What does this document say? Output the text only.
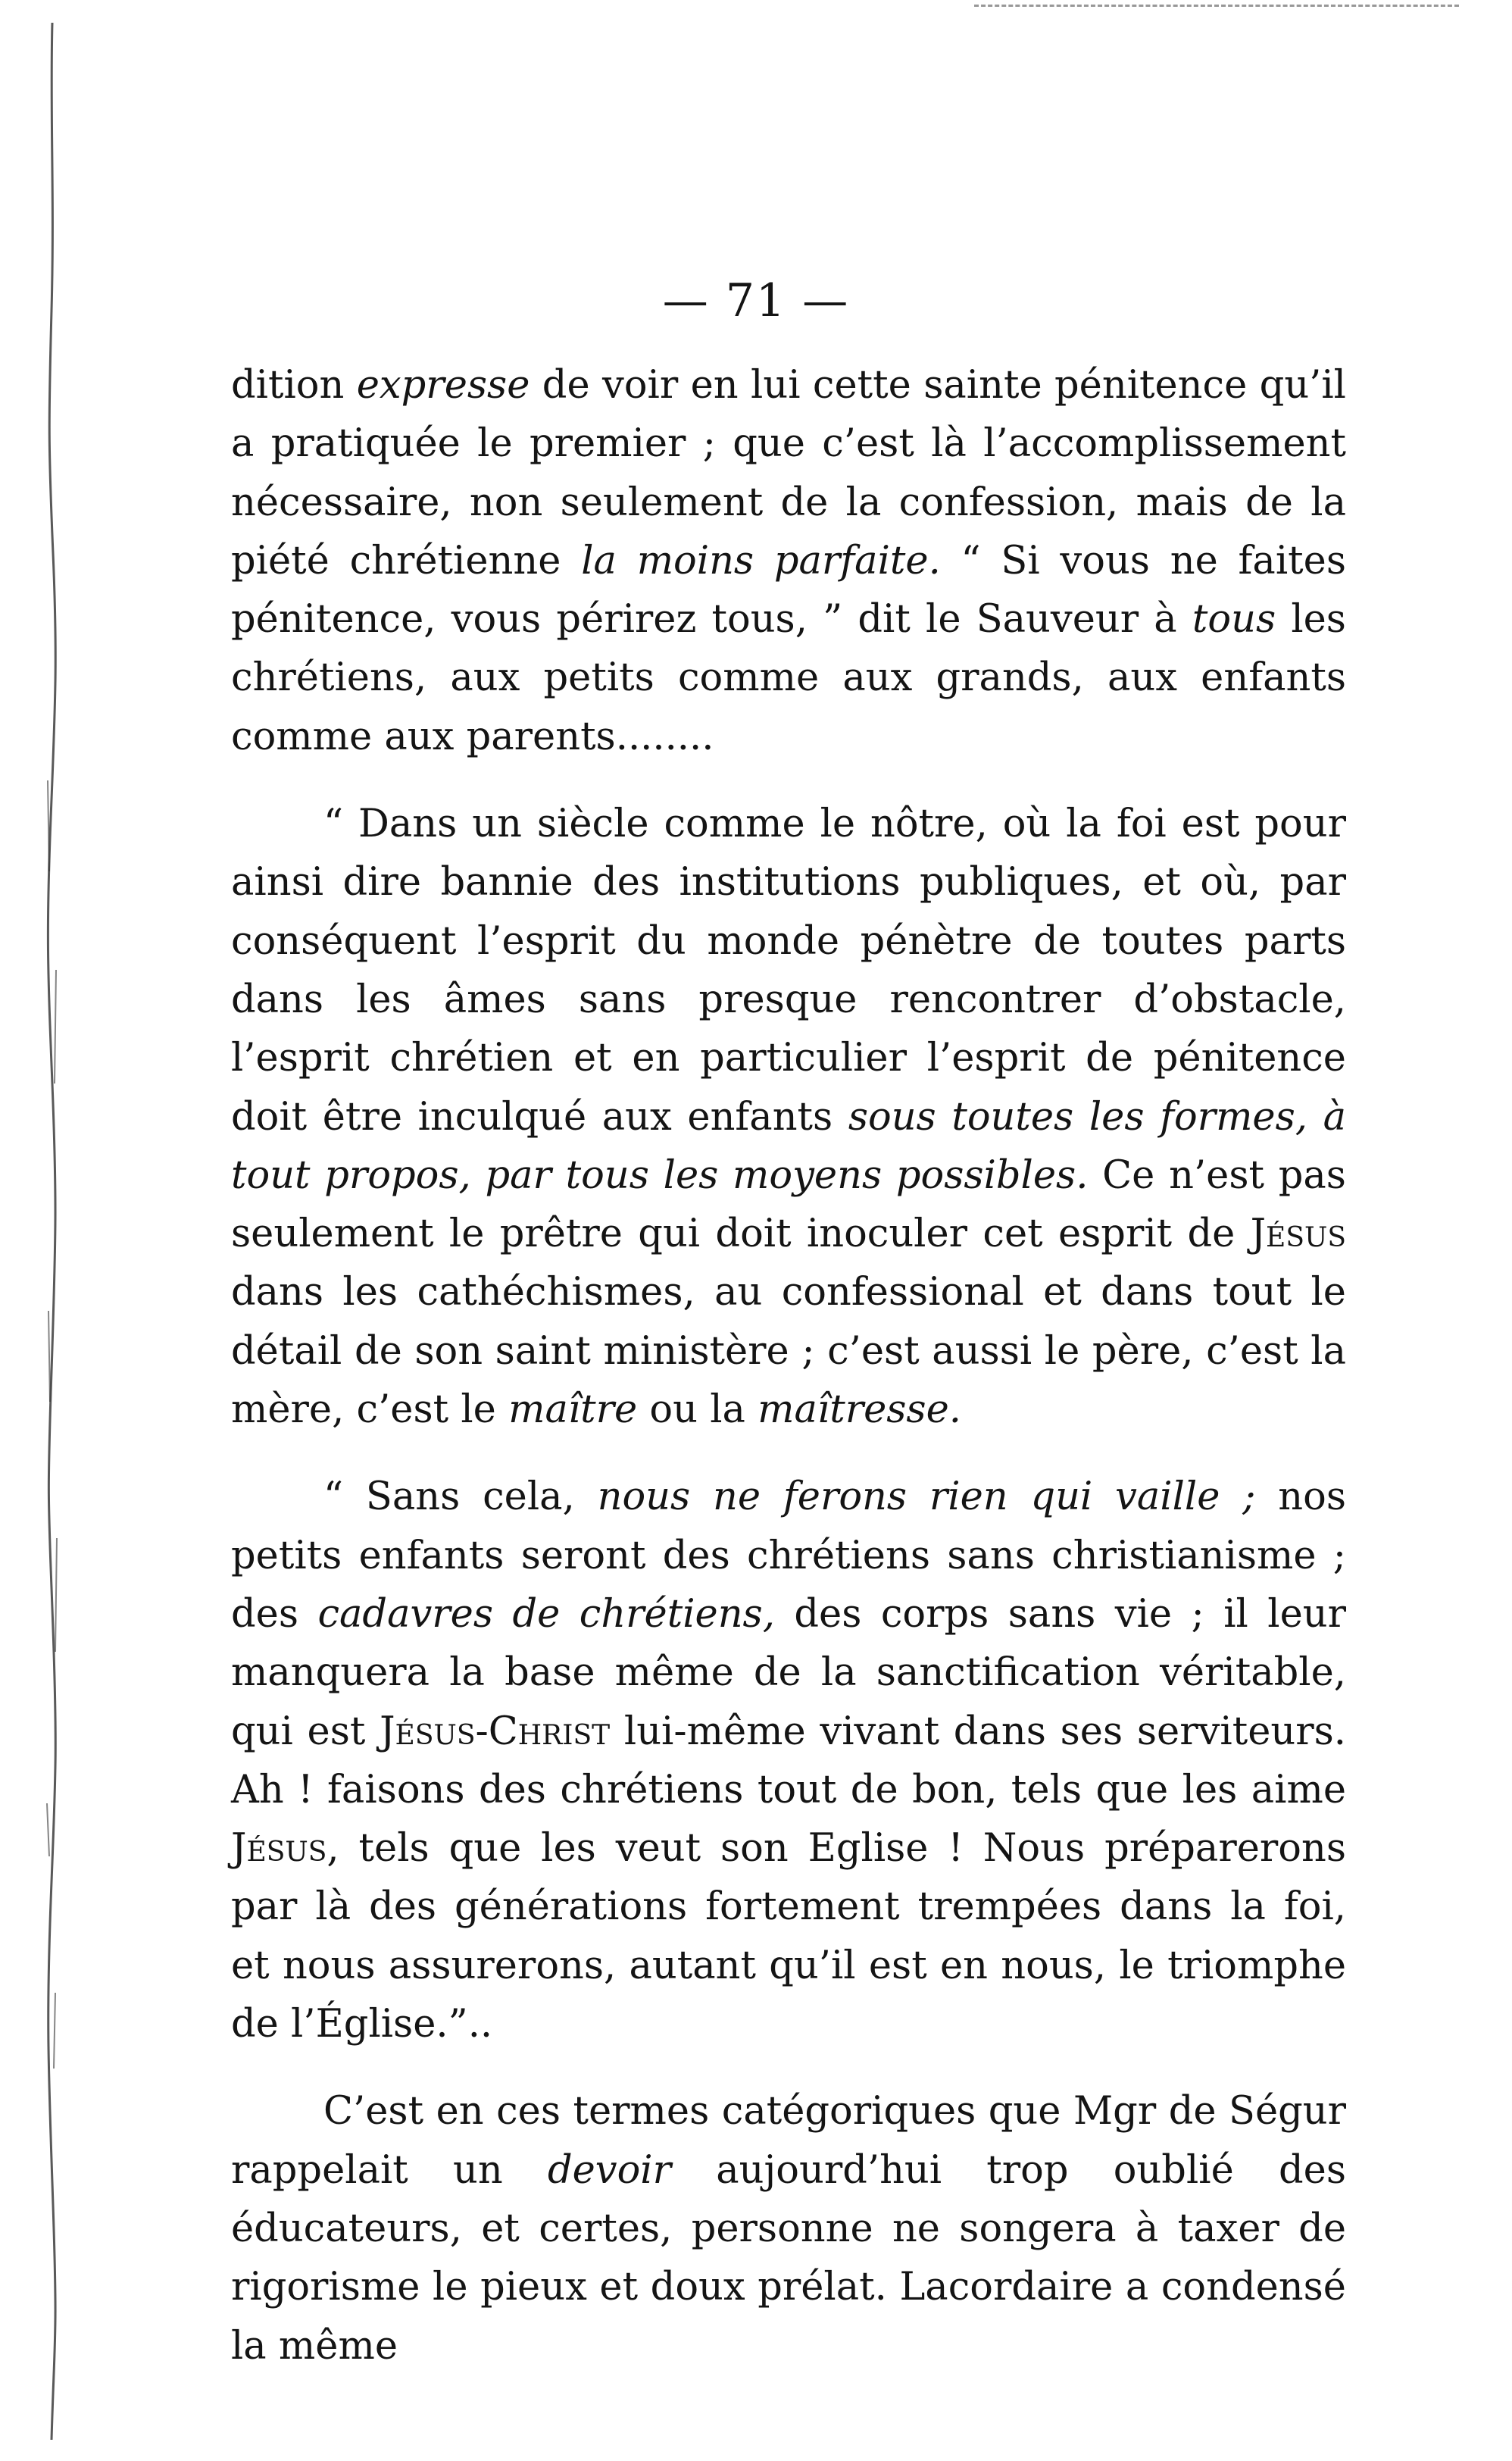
— 71 —

dition expresse de voir en lui cette sainte pénitence qu’il a pratiquée le premier ; que c’est là l’accomplissement nécessaire, non seulement de la confession, mais de la piété chrétienne la moins parfaite. “ Si vous ne faites pénitence, vous périrez tous, ” dit le Sauveur à tous les chrétiens, aux petits comme aux grands, aux enfants comme aux parents........

“ Dans un siècle comme le nôtre, où la foi est pour ainsi dire bannie des institutions publiques, et où, par conséquent l’esprit du monde pénètre de toutes parts dans les âmes sans presque rencontrer d’obstacle, l’esprit chrétien et en particulier l’esprit de pénitence doit être inculqué aux enfants sous toutes les formes, à tout propos, par tous les moyens possibles. Ce n’est pas seulement le prêtre qui doit inoculer cet esprit de Jésus dans les cathéchismes, au confessional et dans tout le détail de son saint ministère ; c’est aussi le père, c’est la mère, c’est le maître ou la maîtresse.

“ Sans cela, nous ne ferons rien qui vaille ; nos petits enfants seront des chrétiens sans christianisme ; des cadavres de chrétiens, des corps sans vie ; il leur manquera la base même de la sanctification véritable, qui est Jésus-Christ lui-même vivant dans ses serviteurs. Ah ! faisons des chrétiens tout de bon, tels que les aime Jésus, tels que les veut son Eglise ! Nous préparerons par là des générations fortement trempées dans la foi, et nous assurerons, autant qu’il est en nous, le triomphe de l’Église.”..

C’est en ces termes catégoriques que Mgr de Ségur rappelait un devoir aujourd’hui trop oublié des éducateurs, et certes, personne ne songera à taxer de rigorisme le pieux et doux prélat. Lacordaire a condensé la même
